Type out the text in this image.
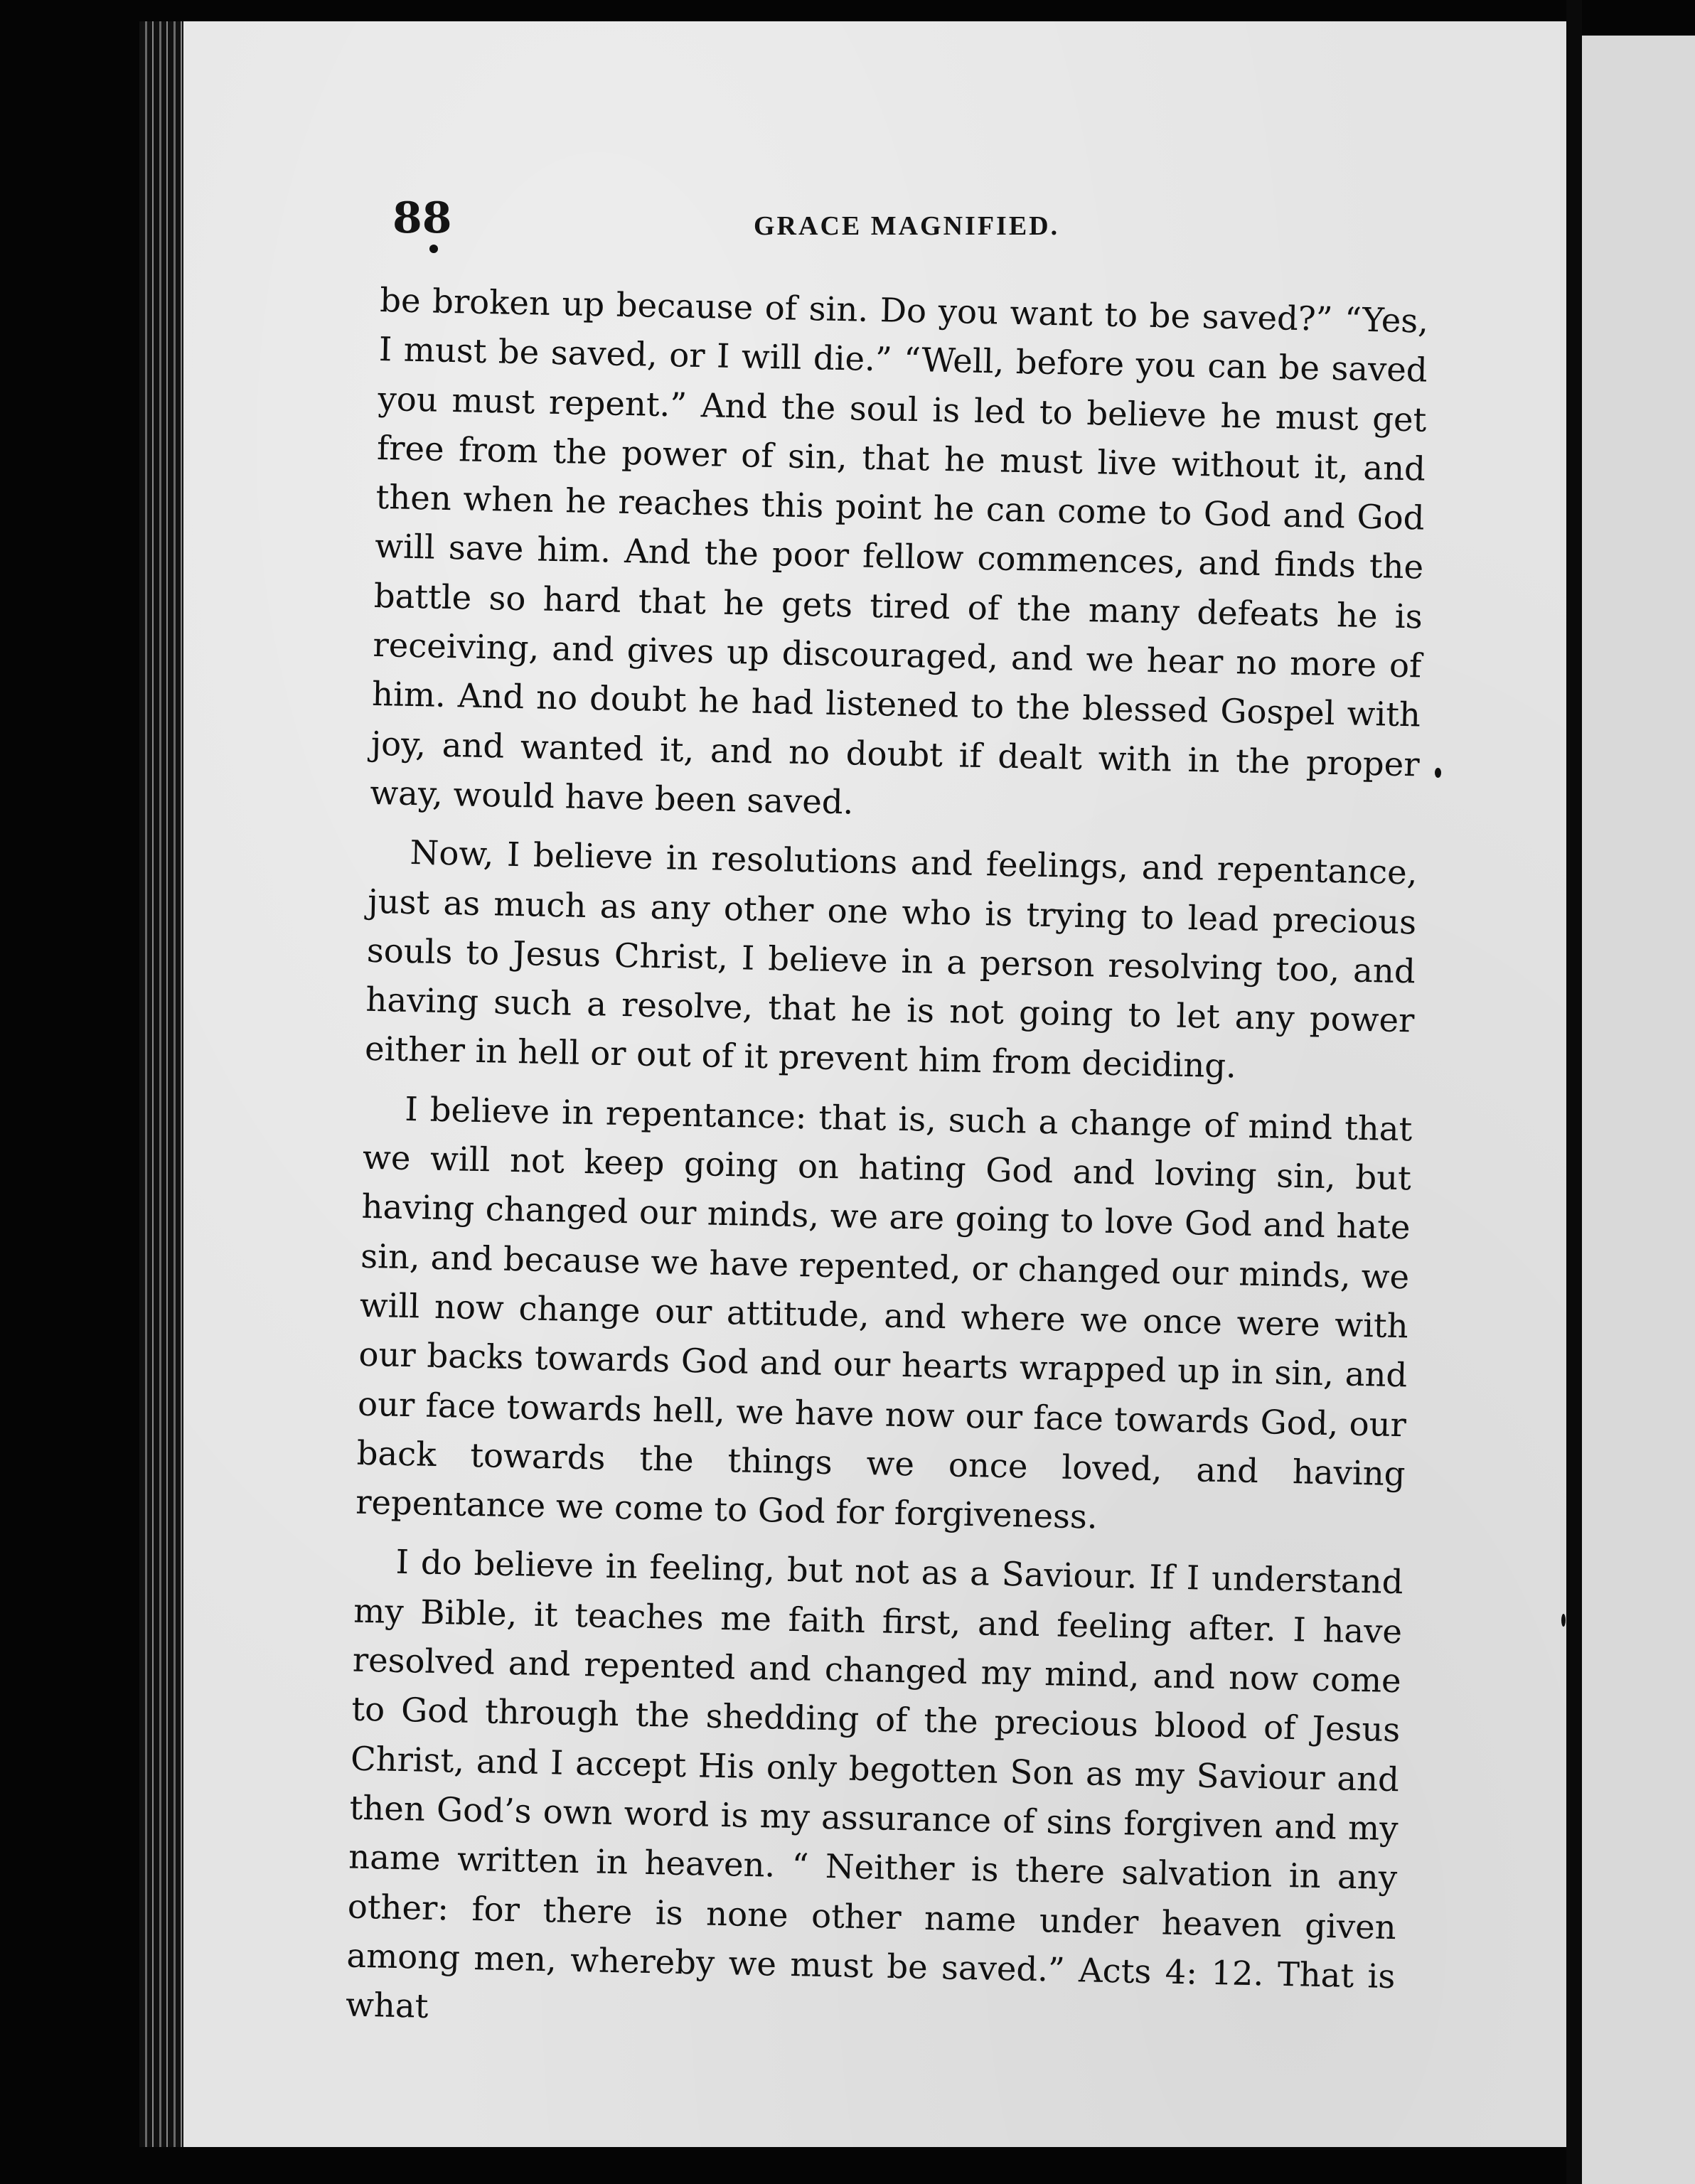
88	GRACE MAGNIFIED.

be broken up because of sin. Do you want to be saved?” “Yes, I must be saved, or I will die.” “Well, before you can be saved you must repent.” And the soul is led to believe he must get free from the power of sin, that he must live without it, and then when he reaches this point he can come to God and God will save him. And the poor fellow commences, and finds the battle so hard that he gets tired of the many defeats he is receiving, and gives up discouraged, and we hear no more of him. And no doubt he had listened to the blessed Gospel with joy, and wanted it, and no doubt if dealt with in the proper way, would have been saved.

Now, I believe in resolutions and feelings, and repentance, just as much as any other one who is trying to lead precious souls to Jesus Christ, I believe in a person resolving too, and having such a resolve, that he is not going to let any power either in hell or out of it prevent him from deciding.

I believe in repentance: that is, such a change of mind that we will not keep going on hating God and loving sin, but having changed our minds, we are going to love God and hate sin, and because we have repented, or changed our minds, we will now change our attitude, and where we once were with our backs towards God and our hearts wrapped up in sin, and our face towards hell, we have now our face towards God, our back towards the things we once loved, and having repentance we come to God for forgiveness.

I do believe in feeling, but not as a Saviour. If I understand my Bible, it teaches me faith first, and feeling after. I have resolved and repented and changed my mind, and now come to God through the shedding of the precious blood of Jesus Christ, and I accept His only begotten Son as my Saviour and then God’s own word is my assurance of sins forgiven and my name written in heaven. “ Neither is there salvation in any other: for there is none other name under heaven given among men, whereby we must be saved.” Acts 4: 12. That is what
